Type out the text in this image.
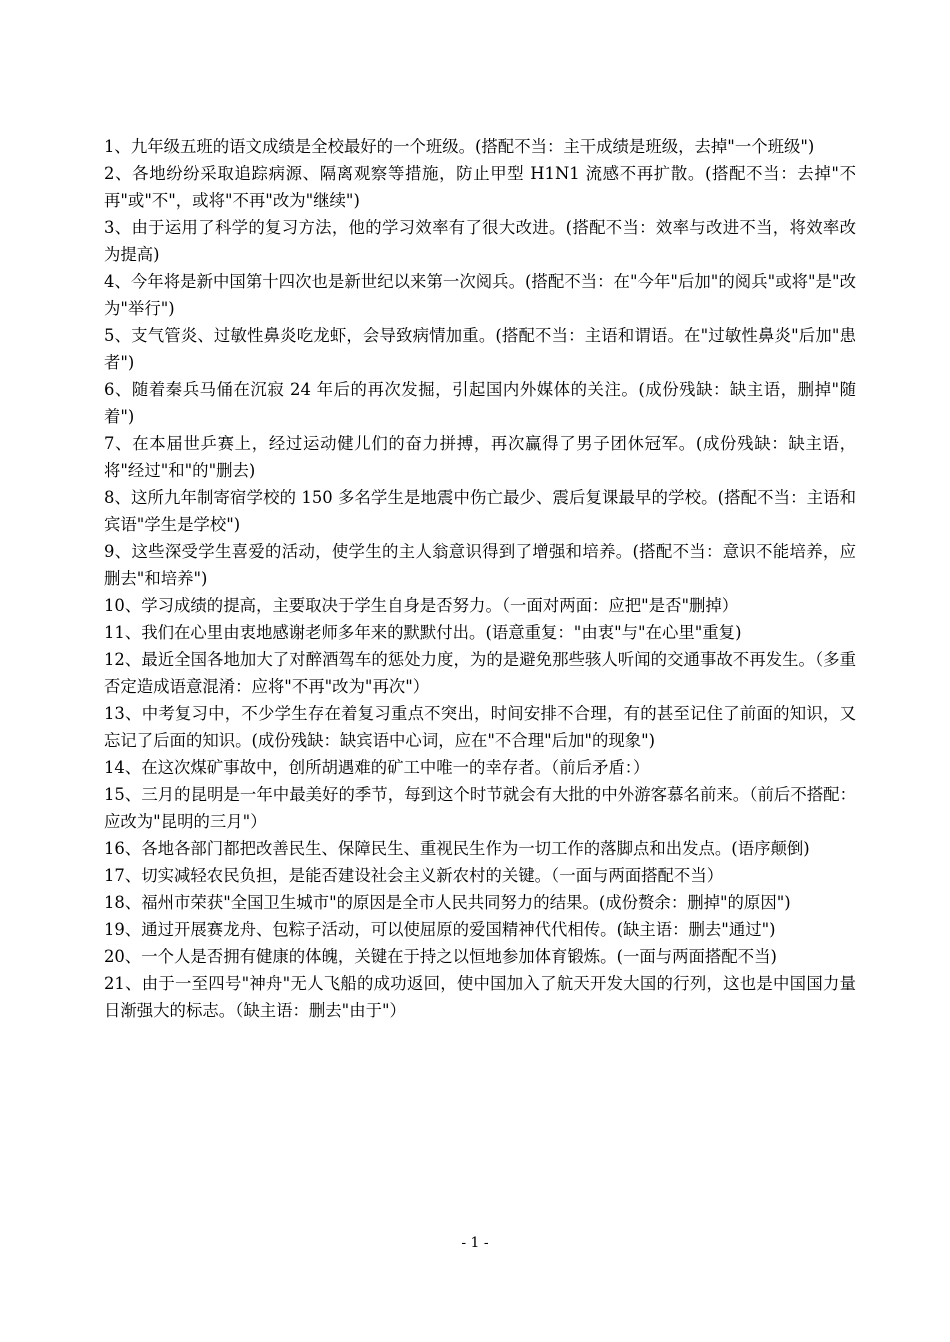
1、九年级五班的语文成绩是全校最好的一个班级。(搭配不当：主干成绩是班级，去掉"一个班级")

2、各地纷纷采取追踪病源、隔离观察等措施，防止甲型 H1N1 流感不再扩散。(搭配不当：去掉"不再"或"不"，或将"不再"改为"继续")

3、由于运用了科学的复习方法，他的学习效率有了很大改进。(搭配不当：效率与改进不当，将效率改为提高)

4、今年将是新中国第十四次也是新世纪以来第一次阅兵。(搭配不当：在"今年"后加"的阅兵"或将"是"改为"举行")

5、支气管炎、过敏性鼻炎吃龙虾，会导致病情加重。(搭配不当：主语和谓语。在"过敏性鼻炎"后加"患者")

6、随着秦兵马俑在沉寂 24 年后的再次发掘，引起国内外媒体的关注。(成份残缺：缺主语，删掉"随着")

7、在本届世乒赛上，经过运动健儿们的奋力拼搏，再次赢得了男子团休冠军。(成份残缺：缺主语，将"经过"和"的"删去)

8、这所九年制寄宿学校的 150 多名学生是地震中伤亡最少、震后复课最早的学校。(搭配不当：主语和宾语"学生是学校")

9、这些深受学生喜爱的活动，使学生的主人翁意识得到了增强和培养。(搭配不当：意识不能培养，应删去"和培养")

10、学习成绩的提高，主要取决于学生自身是否努力。（一面对两面：应把"是否"删掉）

11、我们在心里由衷地感谢老师多年来的默默付出。(语意重复："由衷"与"在心里"重复)

12、最近全国各地加大了对醉酒驾车的惩处力度，为的是避免那些骇人听闻的交通事故不再发生。（多重否定造成语意混淆：应将"不再"改为"再次"）

13、中考复习中，不少学生存在着复习重点不突出，时间安排不合理，有的甚至记住了前面的知识，又忘记了后面的知识。(成份残缺：缺宾语中心词，应在"不合理"后加"的现象")

14、在这次煤矿事故中，创所胡遇难的矿工中唯一的幸存者。（前后矛盾：）

15、三月的昆明是一年中最美好的季节，每到这个时节就会有大批的中外游客慕名前来。（前后不搭配：应改为"昆明的三月"）

16、各地各部门都把改善民生、保障民生、重视民生作为一切工作的落脚点和出发点。(语序颠倒)

17、切实减轻农民负担，是能否建设社会主义新农村的关键。（一面与两面搭配不当）

18、福州市荣获"全国卫生城市"的原因是全市人民共同努力的结果。(成份赘余：删掉"的原因")

19、通过开展赛龙舟、包粽子活动，可以使屈原的爱国精神代代相传。(缺主语：删去"通过")

20、一个人是否拥有健康的体魄，关键在于持之以恒地参加体育锻炼。(一面与两面搭配不当)

21、由于一至四号"神舟"无人飞船的成功返回，使中国加入了航天开发大国的行列，这也是中国国力量日渐强大的标志。（缺主语：删去"由于"）

- 1 -
